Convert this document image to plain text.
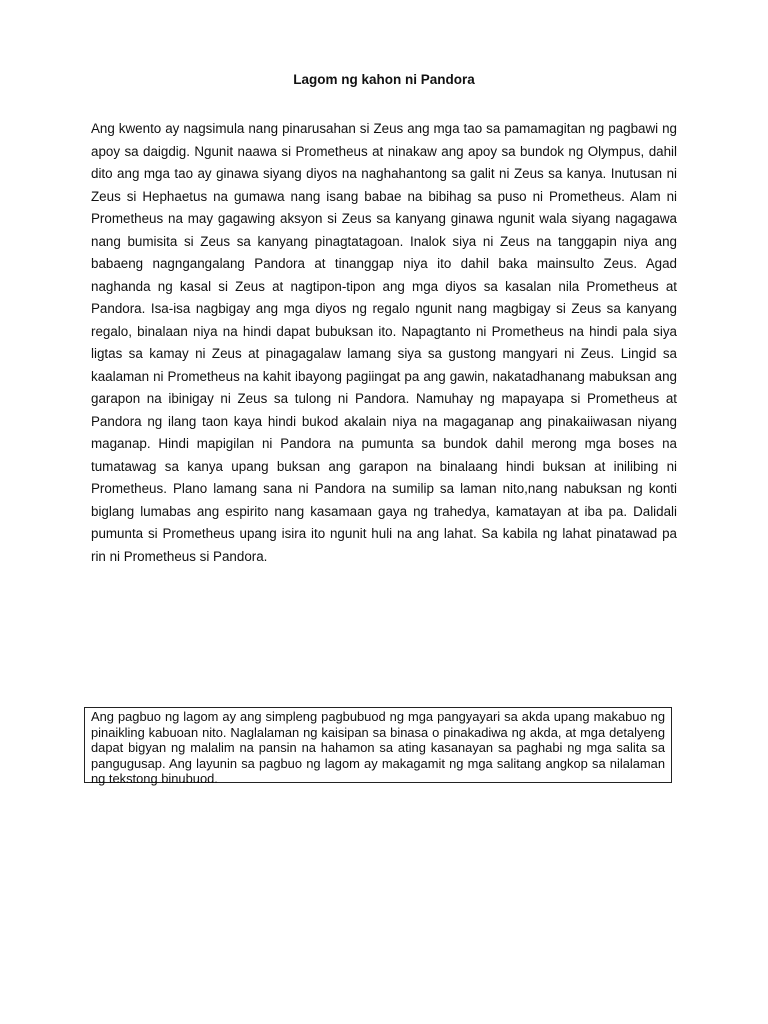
Lagom ng kahon ni Pandora

Ang kwento ay nagsimula nang pinarusahan si Zeus ang mga tao sa pamamagitan ng pagbawi ng apoy sa daigdig. Ngunit naawa si Prometheus at ninakaw ang apoy sa bundok ng Olympus, dahil dito ang mga tao ay ginawa siyang diyos na naghahantong sa galit ni Zeus sa kanya. Inutusan ni Zeus si Hephaetus na gumawa nang isang babae na bibihag sa puso ni Prometheus. Alam ni Prometheus na may gagawing aksyon si Zeus sa kanyang ginawa ngunit wala siyang nagagawa nang bumisita si Zeus sa kanyang pinagtatagoan. Inalok siya ni Zeus na tanggapin niya ang babaeng nagngangalang Pandora at tinanggap niya ito dahil baka mainsulto Zeus. Agad naghanda ng kasal si Zeus at nagtipon-tipon ang mga diyos sa kasalan nila Prometheus at Pandora. Isa-isa nagbigay ang mga diyos ng regalo ngunit nang magbigay si Zeus sa kanyang regalo, binalaan niya na hindi dapat bubuksan ito. Napagtanto ni Prometheus na hindi pala siya ligtas sa kamay ni Zeus at pinagagalaw lamang siya sa gustong mangyari ni Zeus. Lingid sa kaalaman ni Prometheus na kahit ibayong pagiingat pa ang gawin, nakatadhanang mabuksan ang garapon na ibinigay ni Zeus sa tulong ni Pandora. Namuhay ng mapayapa si Prometheus at Pandora ng ilang taon kaya hindi bukod akalain niya na magaganap ang pinakaiiwasan niyang maganap. Hindi mapigilan ni Pandora na pumunta sa bundok dahil merong mga boses na tumatawag sa kanya upang buksan ang garapon na binalaang hindi buksan at inilibing ni Prometheus. Plano lamang sana ni Pandora na sumilip sa laman nito,nang nabuksan ng konti biglang lumabas ang espirito nang kasamaan gaya ng trahedya, kamatayan at iba pa. Dalidali pumunta si Prometheus upang isira ito ngunit huli na ang lahat. Sa kabila ng lahat pinatawad pa rin ni Prometheus si Pandora.

Ang pagbuo ng lagom ay ang simpleng pagbubuod ng mga pangyayari sa akda upang makabuo ng pinaikling kabuoan nito. Naglalaman ng kaisipan sa binasa o pinakadiwa ng akda, at mga detalyeng dapat bigyan ng malalim na pansin na hahamon sa ating kasanayan sa paghabi ng mga salita sa pangugusap. Ang layunin sa pagbuo ng lagom ay makagamit ng mga salitang angkop sa nilalaman ng tekstong binubuod.
